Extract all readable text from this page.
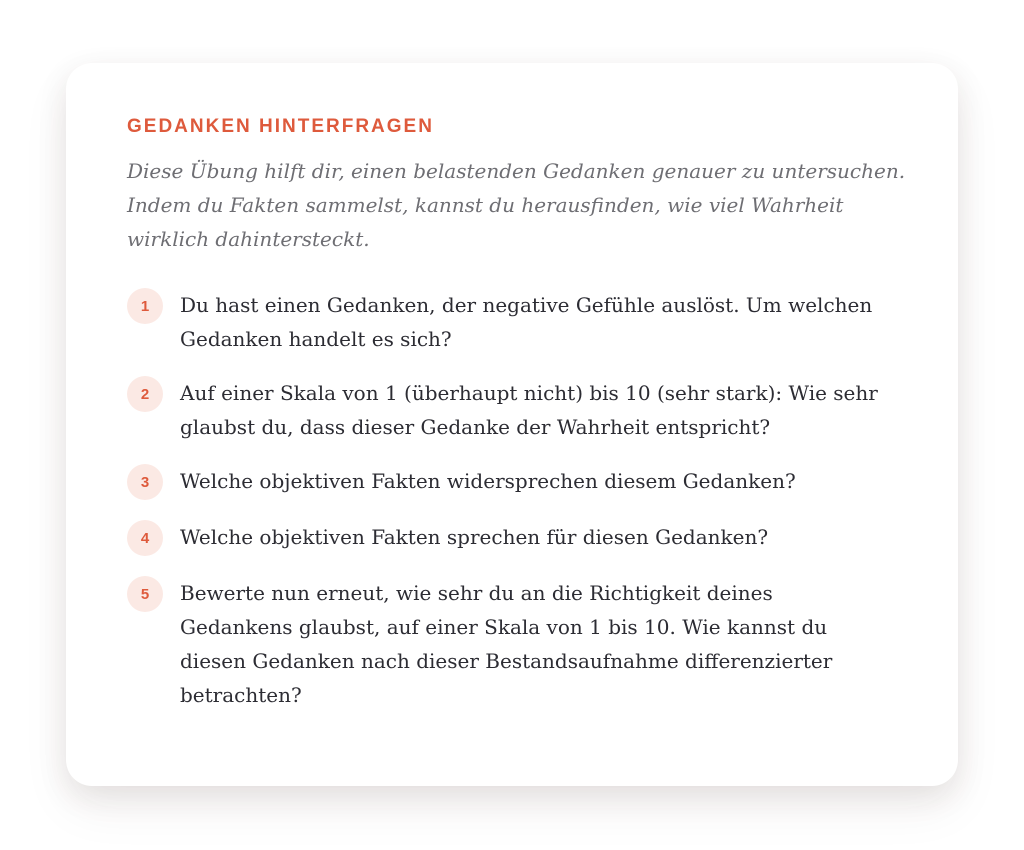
GEDANKEN HINTERFRAGEN

Diese Übung hilft dir, einen belastenden Gedanken genauer zu untersuchen. Indem du Fakten sammelst, kannst du herausfinden, wie viel Wahrheit wirklich dahintersteckt.

1	Du hast einen Gedanken, der negative Gefühle auslöst. Um welchen Gedanken handelt es sich?
2	Auf einer Skala von 1 (überhaupt nicht) bis 10 (sehr stark): Wie sehr glaubst du, dass dieser Gedanke der Wahrheit entspricht?
3	Welche objektiven Fakten widersprechen diesem Gedanken?
4	Welche objektiven Fakten sprechen für diesen Gedanken?
5	Bewerte nun erneut, wie sehr du an die Richtigkeit deines Gedankens glaubst, auf einer Skala von 1 bis 10. Wie kannst du diesen Gedanken nach dieser Bestandsaufnahme differenzierter betrachten?
